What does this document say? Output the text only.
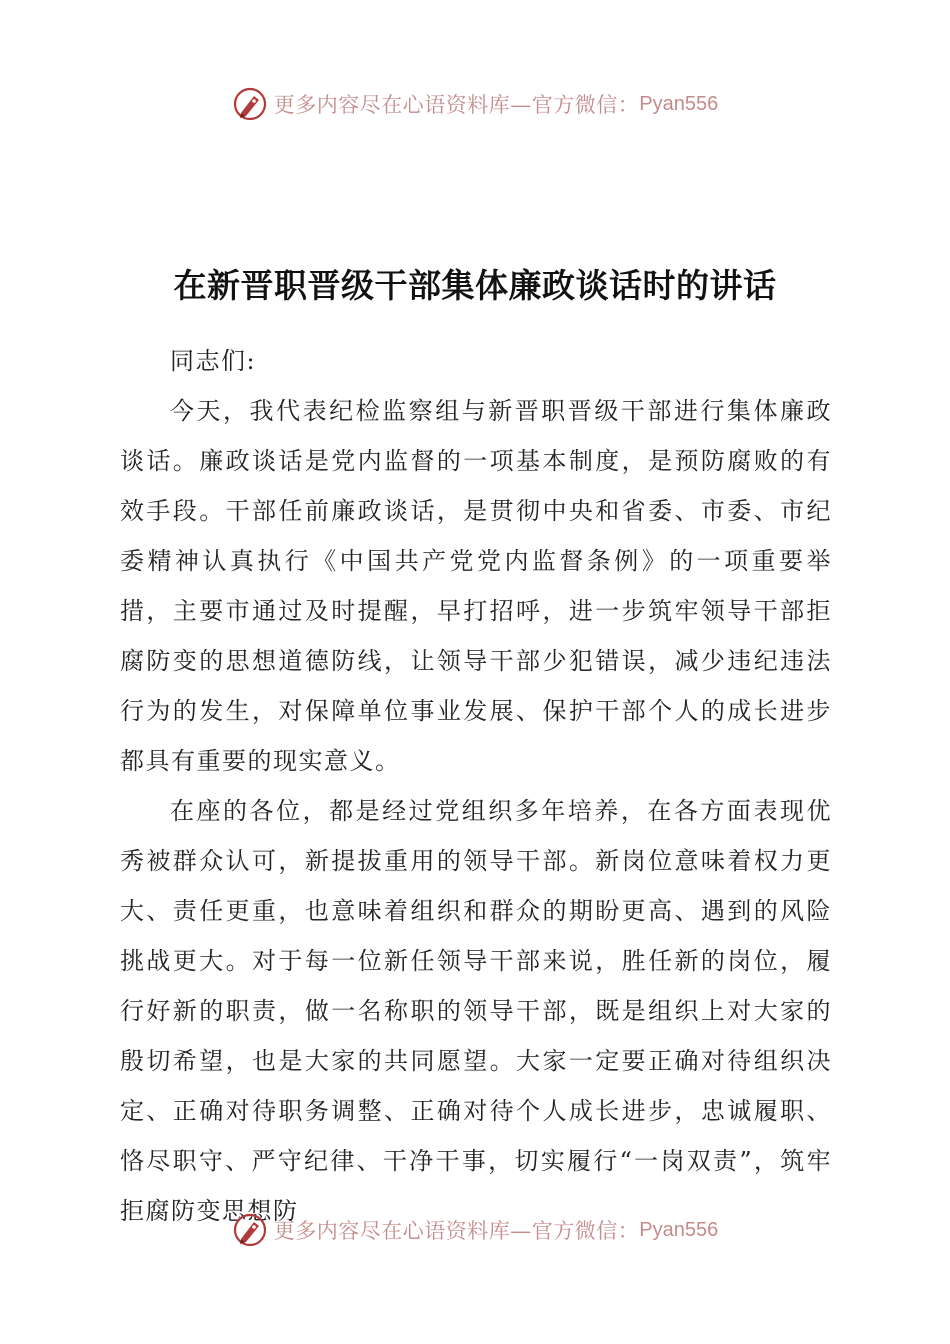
更多内容尽在心语资料库—官方微信： Pyan556
在新晋职晋级干部集体廉政谈话时的讲话

同志们:

今天，我代表纪检监察组与新晋职晋级干部进行集体廉政谈话。廉政谈话是党内监督的一项基本制度，是预防腐败的有效手段。干部任前廉政谈话，是贯彻中央和省委、市委、市纪委精神认真执行《中国共产党党内监督条例》的一项重要举措，主要市通过及时提醒，早打招呼，进一步筑牢领导干部拒腐防变的思想道德防线，让领导干部少犯错误，减少违纪违法行为的发生，对保障单位事业发展、保护干部个人的成长进步都具有重要的现实意义。

在座的各位，都是经过党组织多年培养，在各方面表现优秀被群众认可，新提拔重用的领导干部。新岗位意味着权力更大、责任更重，也意味着组织和群众的期盼更高、遇到的风险挑战更大。对于每一位新任领导干部来说，胜任新的岗位，履行好新的职责，做一名称职的领导干部，既是组织上对大家的殷切希望，也是大家的共同愿望。大家一定要正确对待组织决定、正确对待职务调整、正确对待个人成长进步，忠诚履职、恪尽职守、严守纪律、干净干事，切实履行“一岗双责”，筑牢拒腐防变思想防

更多内容尽在心语资料库—官方微信： Pyan556
